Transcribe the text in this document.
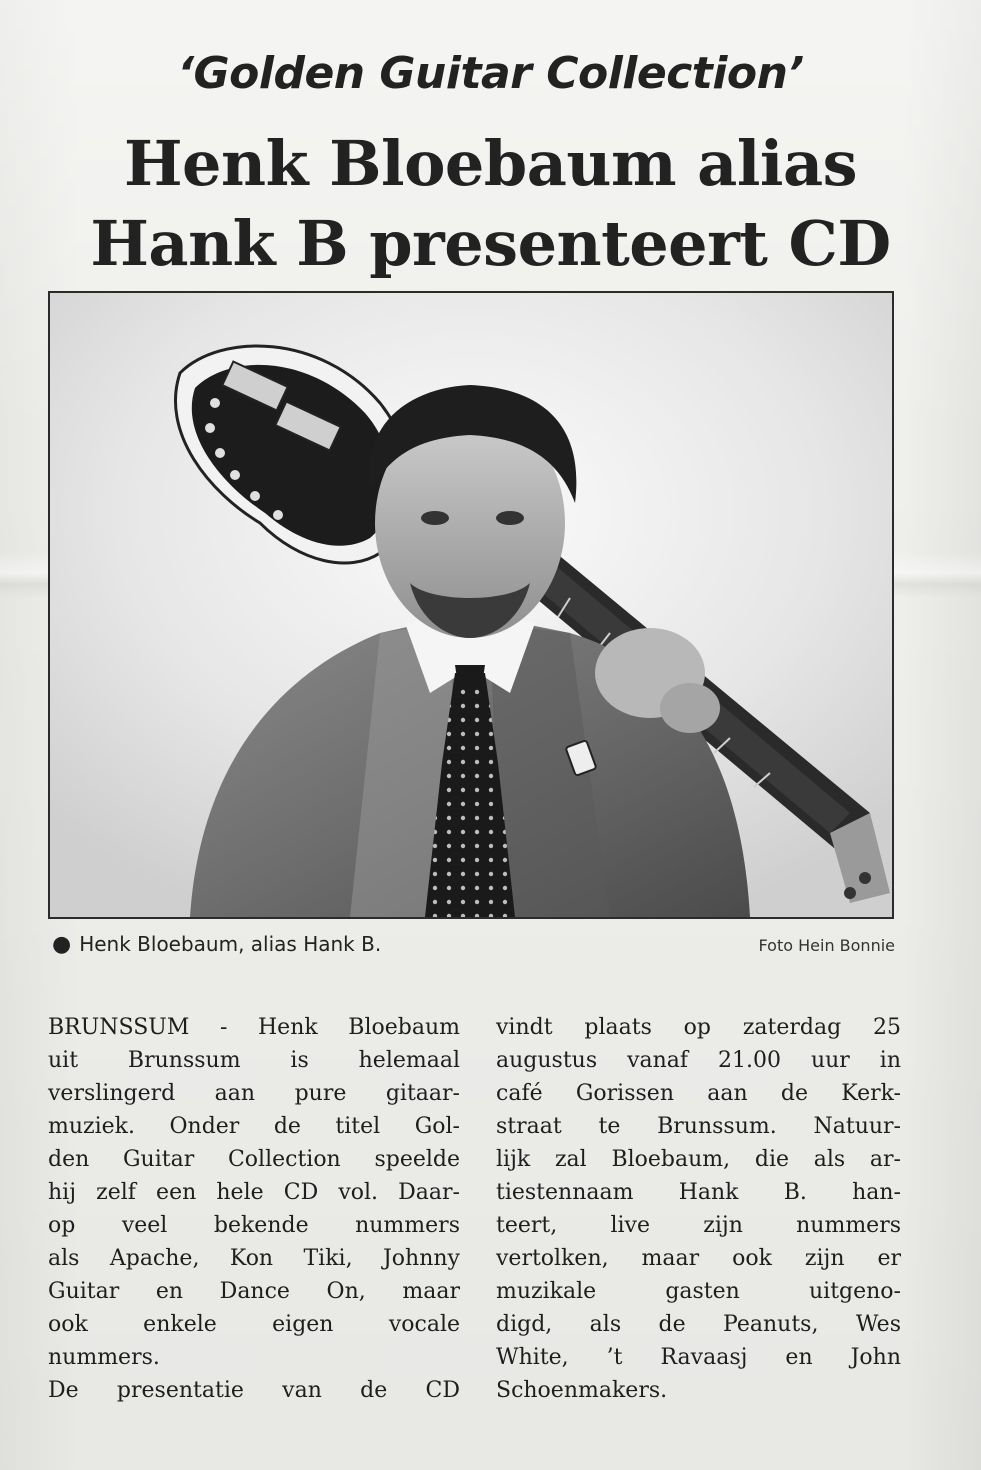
‘Golden Guitar Collection’
Henk Bloebaum alias
Hank B presenteert CD
● Henk Bloebaum, alias Hank B.	Foto Hein Bonnie
BRUNSSUM - Henk Bloebaum
uit Brunssum is helemaal
verslingerd aan pure gitaar-
muziek. Onder de titel Gol-
den Guitar Collection speelde
hij zelf een hele CD vol. Daar-
op veel bekende nummers
als Apache, Kon Tiki, Johnny
Guitar en Dance On, maar
ook enkele eigen vocale
nummers.
De presentatie van de CD
vindt plaats op zaterdag 25
augustus vanaf 21.00 uur in
café Gorissen aan de Kerk-
straat te Brunssum. Natuur-
lijk zal Bloebaum, die als ar-
tiestennaam Hank B. han-
teert, live zijn nummers
vertolken, maar ook zijn er
muzikale gasten uitgeno-
digd, als de Peanuts, Wes
White, ’t Ravaasj en John
Schoenmakers.
